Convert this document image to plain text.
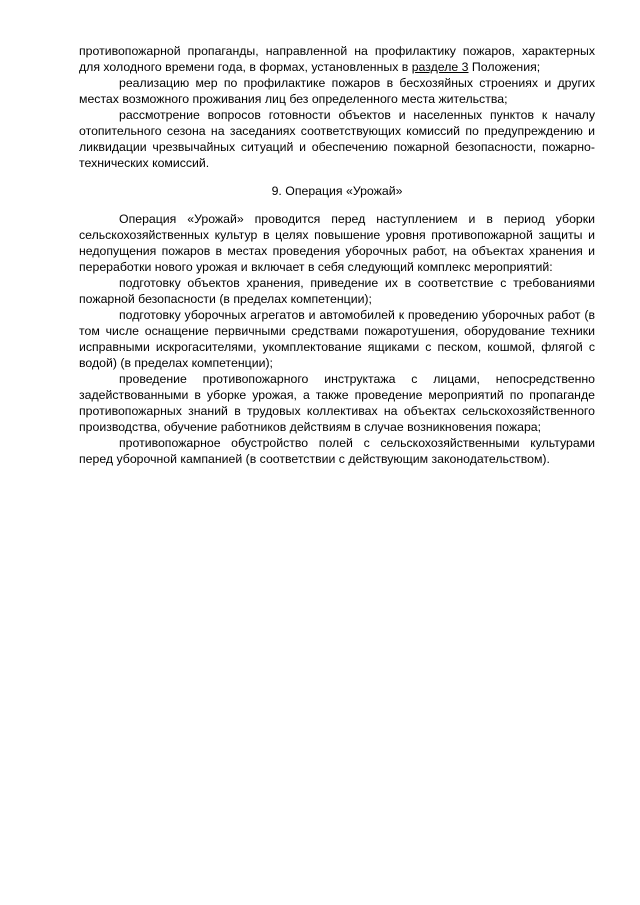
противопожарной пропаганды, направленной на профилактику пожаров, характерных для холодного времени года, в формах, установленных в разделе 3 Положения;

реализацию мер по профилактике пожаров в бесхозяйных строениях и других местах возможного проживания лиц без определенного места жительства;

рассмотрение вопросов готовности объектов и населенных пунктов к началу отопительного сезона на заседаниях соответствующих комиссий по предупреждению и ликвидации чрезвычайных ситуаций и обеспечению пожарной безопасности, пожарно-технических комиссий.

9. Операция «Урожай»

Операция «Урожай» проводится перед наступлением и в период уборки сельскохозяйственных культур в целях повышение уровня противопожарной защиты и недопущения пожаров в местах проведения уборочных работ, на объектах хранения и переработки нового урожая и включает в себя следующий комплекс мероприятий:

подготовку объектов хранения, приведение их в соответствие с требованиями пожарной безопасности (в пределах компетенции);

подготовку уборочных агрегатов и автомобилей к проведению уборочных работ (в том числе оснащение первичными средствами пожаротушения, оборудование техники исправными искрогасителями, укомплектование ящиками с песком, кошмой, флягой с водой) (в пределах компетенции);

проведение противопожарного инструктажа с лицами, непосредственно задействованными в уборке урожая, а также проведение мероприятий по пропаганде противопожарных знаний в трудовых коллективах на объектах сельскохозяйственного производства, обучение работников действиям в случае возникновения пожара;

противопожарное обустройство полей с сельскохозяйственными культурами перед уборочной кампанией (в соответствии с действующим законодательством).
